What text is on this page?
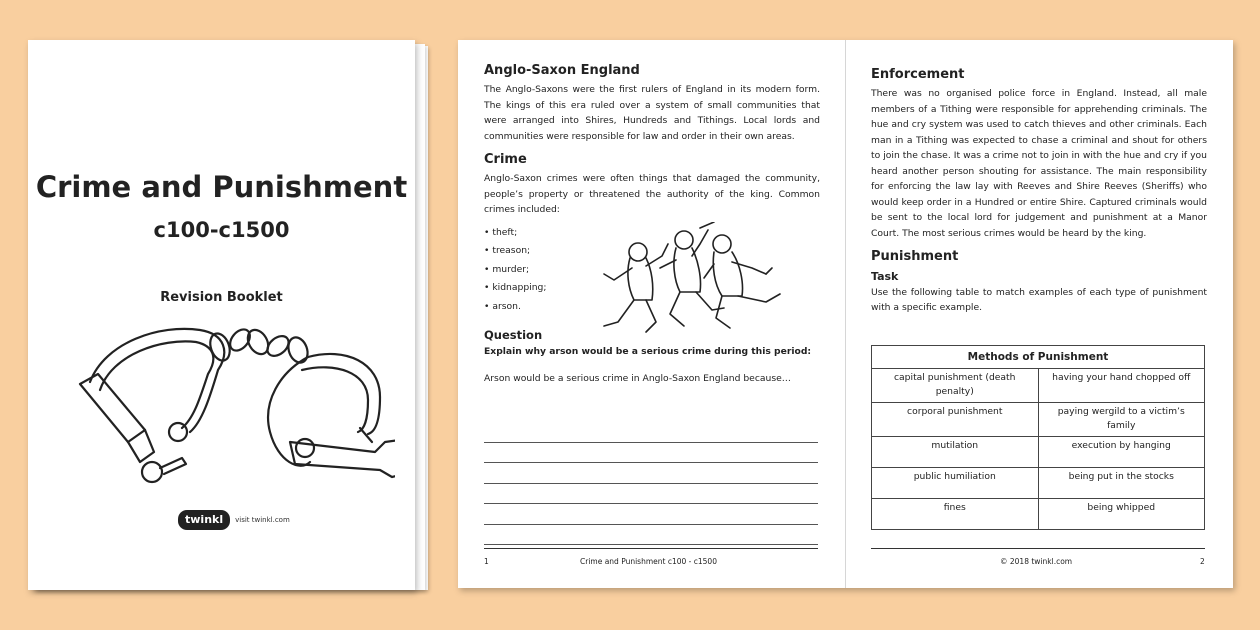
Crime and Punishment
c100-c1500
Revision Booklet
twinkl	visit twinkl.com
Anglo-Saxon England

The Anglo-Saxons were the first rulers of England in its modern form. The kings of this era ruled over a system of small communities that were arranged into Shires, Hundreds and Tithings. Local lords and communities were responsible for law and order in their own areas.

Crime

Anglo-Saxon crimes were often things that damaged the community, people’s property or threatened the authority of the king. Common crimes included:

• theft;
• treason;
• murder;
• kidnapping;
• arson.

Question

Explain why arson would be a serious crime during this period:

Arson would be a serious crime in Anglo-Saxon England because…

1	Crime and Punishment c100 - c1500
Enforcement

There was no organised police force in England. Instead, all male members of a Tithing were responsible for apprehending criminals. The hue and cry system was used to catch thieves and other criminals. Each man in a Tithing was expected to chase a criminal and shout for others to join the chase. It was a crime not to join in with the hue and cry if you heard another person shouting for assistance. The main responsibility for enforcing the law lay with Reeves and Shire Reeves (Sheriffs) who would keep order in a Hundred or entire Shire. Captured criminals would be sent to the local lord for judgement and punishment at a Manor Court. The most serious crimes would be heard by the king.

Punishment

Task

Use the following table to match examples of each type of punishment with a specific example.

Methods of Punishment	
capital punishment (death penalty)	having your hand chopped off
corporal punishment	paying wergild to a victim’s family
mutilation	execution by hanging
public humiliation	being put in the stocks
fines	being whipped
© 2018 twinkl.com	2
